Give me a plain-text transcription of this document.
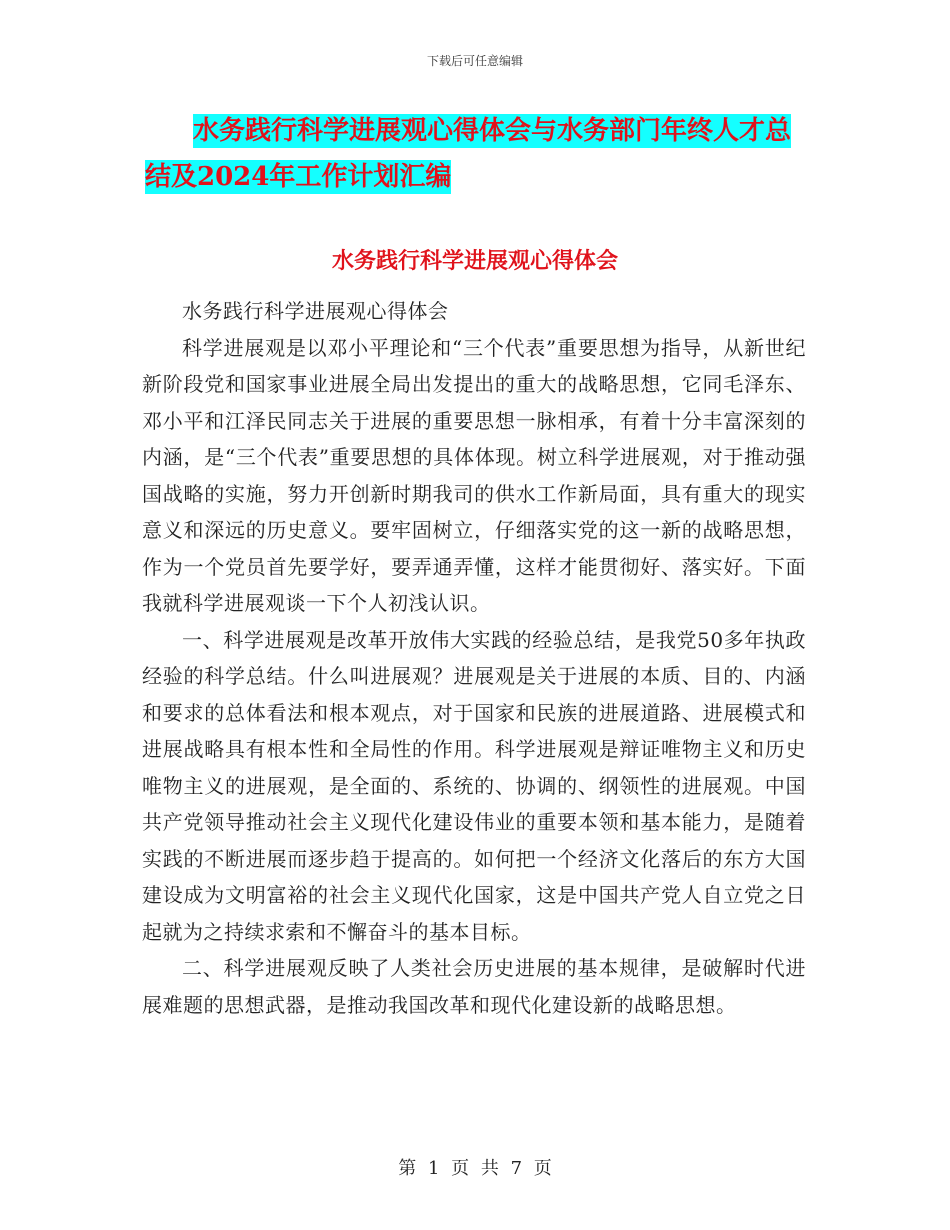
下载后可任意编辑
水务践行科学进展观心得体会与水务部门年终人才总
结及2024年工作计划汇编
水务践行科学进展观心得体会

水务践行科学进展观心得体会

科学进展观是以邓小平理论和“三个代表”重要思想为指导，从新世纪新阶段党和国家事业进展全局出发提出的重大的战略思想，它同毛泽东、邓小平和江泽民同志关于进展的重要思想一脉相承，有着十分丰富深刻的内涵，是“三个代表”重要思想的具体体现。树立科学进展观，对于推动强国战略的实施，努力开创新时期我司的供水工作新局面，具有重大的现实意义和深远的历史意义。要牢固树立，仔细落实党的这一新的战略思想，作为一个党员首先要学好，要弄通弄懂，这样才能贯彻好、落实好。下面我就科学进展观谈一下个人初浅认识。

一、科学进展观是改革开放伟大实践的经验总结，是我党50多年执政经验的科学总结。什么叫进展观？进展观是关于进展的本质、目的、内涵和要求的总体看法和根本观点，对于国家和民族的进展道路、进展模式和进展战略具有根本性和全局性的作用。科学进展观是辩证唯物主义和历史唯物主义的进展观，是全面的、系统的、协调的、纲领性的进展观。中国共产党领导推动社会主义现代化建设伟业的重要本领和基本能力，是随着实践的不断进展而逐步趋于提高的。如何把一个经济文化落后的东方大国建设成为文明富裕的社会主义现代化国家，这是中国共产党人自立党之日起就为之持续求索和不懈奋斗的基本目标。

二、科学进展观反映了人类社会历史进展的基本规律，是破解时代进展难题的思想武器，是推动我国改革和现代化建设新的战略思想。

第 1 页 共 7 页
